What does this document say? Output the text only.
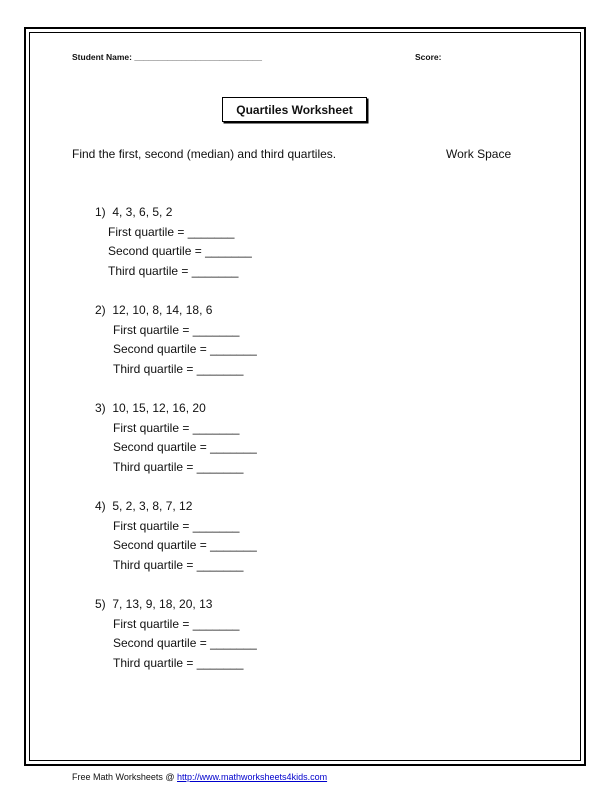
Student Name: ___________________________	Score:
Quartiles Worksheet
Find the first, second (median) and third quartiles.	Work Space
1)  4, 3, 6, 5, 2
First quartile = _______
Second quartile = _______
Third quartile = _______
2)  12, 10, 8, 14, 18, 6
First quartile = _______
Second quartile = _______
Third quartile = _______
3)  10, 15, 12, 16, 20
First quartile = _______
Second quartile = _______
Third quartile = _______
4)  5, 2, 3, 8, 7, 12
First quartile = _______
Second quartile = _______
Third quartile = _______
5)  7, 13, 9, 18, 20, 13
First quartile = _______
Second quartile = _______
Third quartile = _______
Free Math Worksheets @ http://www.mathworksheets4kids.com
